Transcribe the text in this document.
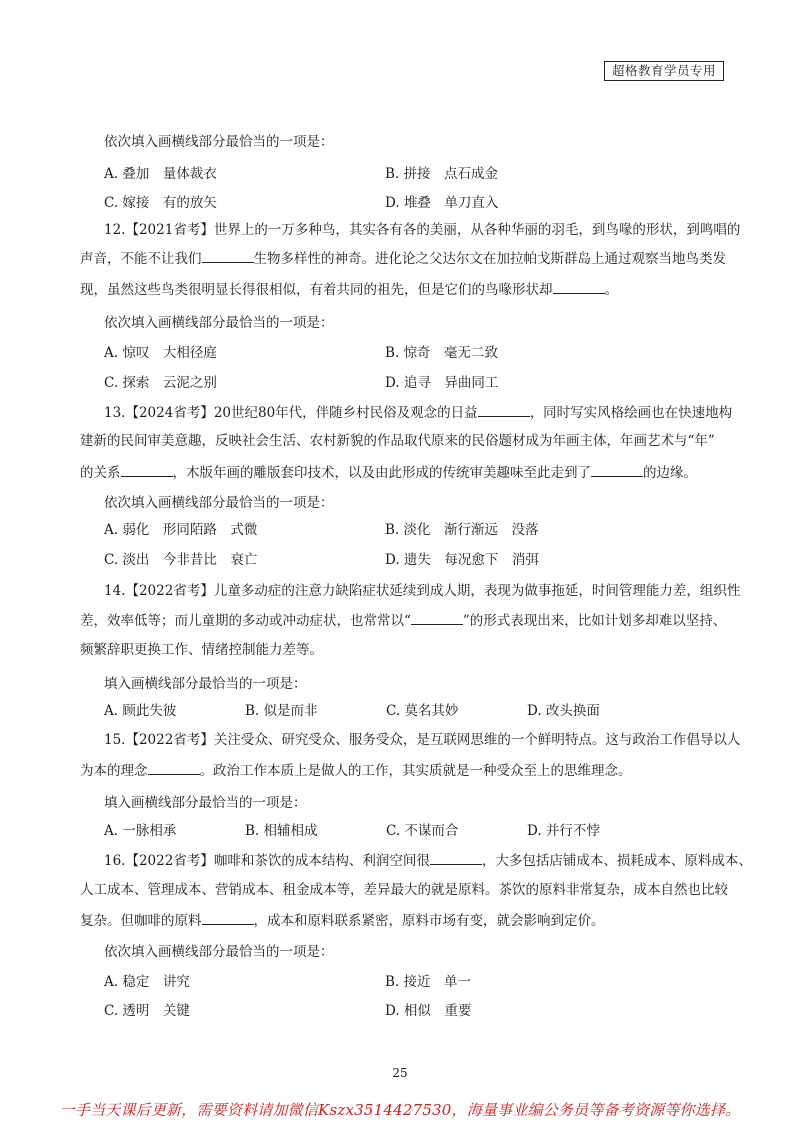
超格教育学员专用
依次填入画横线部分最恰当的一项是：
A. 叠加　量体裁衣	B. 拼接　点石成金
C. 嫁接　有的放矢	D. 堆叠　单刀直入
12.【2021省考】世界上的一万多种鸟，其实各有各的美丽，从各种华丽的羽毛，到鸟喙的形状，到鸣唱的
声音，不能不让我们	生物多样性的神奇。进化论之父达尔文在加拉帕戈斯群岛上通过观察当地鸟类发
现，虽然这些鸟类很明显长得很相似，有着共同的祖先，但是它们的鸟喙形状却	。
依次填入画横线部分最恰当的一项是：
A. 惊叹　大相径庭	B. 惊奇　毫无二致
C. 探索　云泥之别	D. 追寻　异曲同工
13.【2024省考】20世纪80年代，伴随乡村民俗及观念的日益	，同时写实风格绘画也在快速地构
建新的民间审美意趣，反映社会生活、农村新貌的作品取代原来的民俗题材成为年画主体，年画艺术与“年”
的关系	，木版年画的雕版套印技术，以及由此形成的传统审美趣味至此走到了	的边缘。
依次填入画横线部分最恰当的一项是：
A. 弱化　形同陌路　式微	B. 淡化　渐行渐远　没落
C. 淡出　今非昔比　衰亡	D. 遗失　每况愈下　消弭
14.【2022省考】儿童多动症的注意力缺陷症状延续到成人期，表现为做事拖延，时间管理能力差，组织性
差，效率低等；而儿童期的多动或冲动症状，也常常以“	”的形式表现出来，比如计划多却难以坚持、
频繁辞职更换工作、情绪控制能力差等。
填入画横线部分最恰当的一项是：
A. 顾此失彼	B. 似是而非	C. 莫名其妙	D. 改头换面
15.【2022省考】关注受众、研究受众、服务受众，是互联网思维的一个鲜明特点。这与政治工作倡导以人
为本的理念	。政治工作本质上是做人的工作，其实质就是一种受众至上的思维理念。
填入画横线部分最恰当的一项是：
A. 一脉相承	B. 相辅相成	C. 不谋而合	D. 并行不悖
16.【2022省考】咖啡和茶饮的成本结构、利润空间很	，大多包括店铺成本、损耗成本、原料成本、
人工成本、管理成本、营销成本、租金成本等，差异最大的就是原料。茶饮的原料非常复杂，成本自然也比较
复杂。但咖啡的原料	，成本和原料联系紧密，原料市场有变，就会影响到定价。
依次填入画横线部分最恰当的一项是：
A. 稳定　讲究	B. 接近　单一
C. 透明　关键	D. 相似　重要
25
一手当天课后更新，需要资料请加微信Kszx3514427530，海量事业编公务员等备考资源等你选择。
